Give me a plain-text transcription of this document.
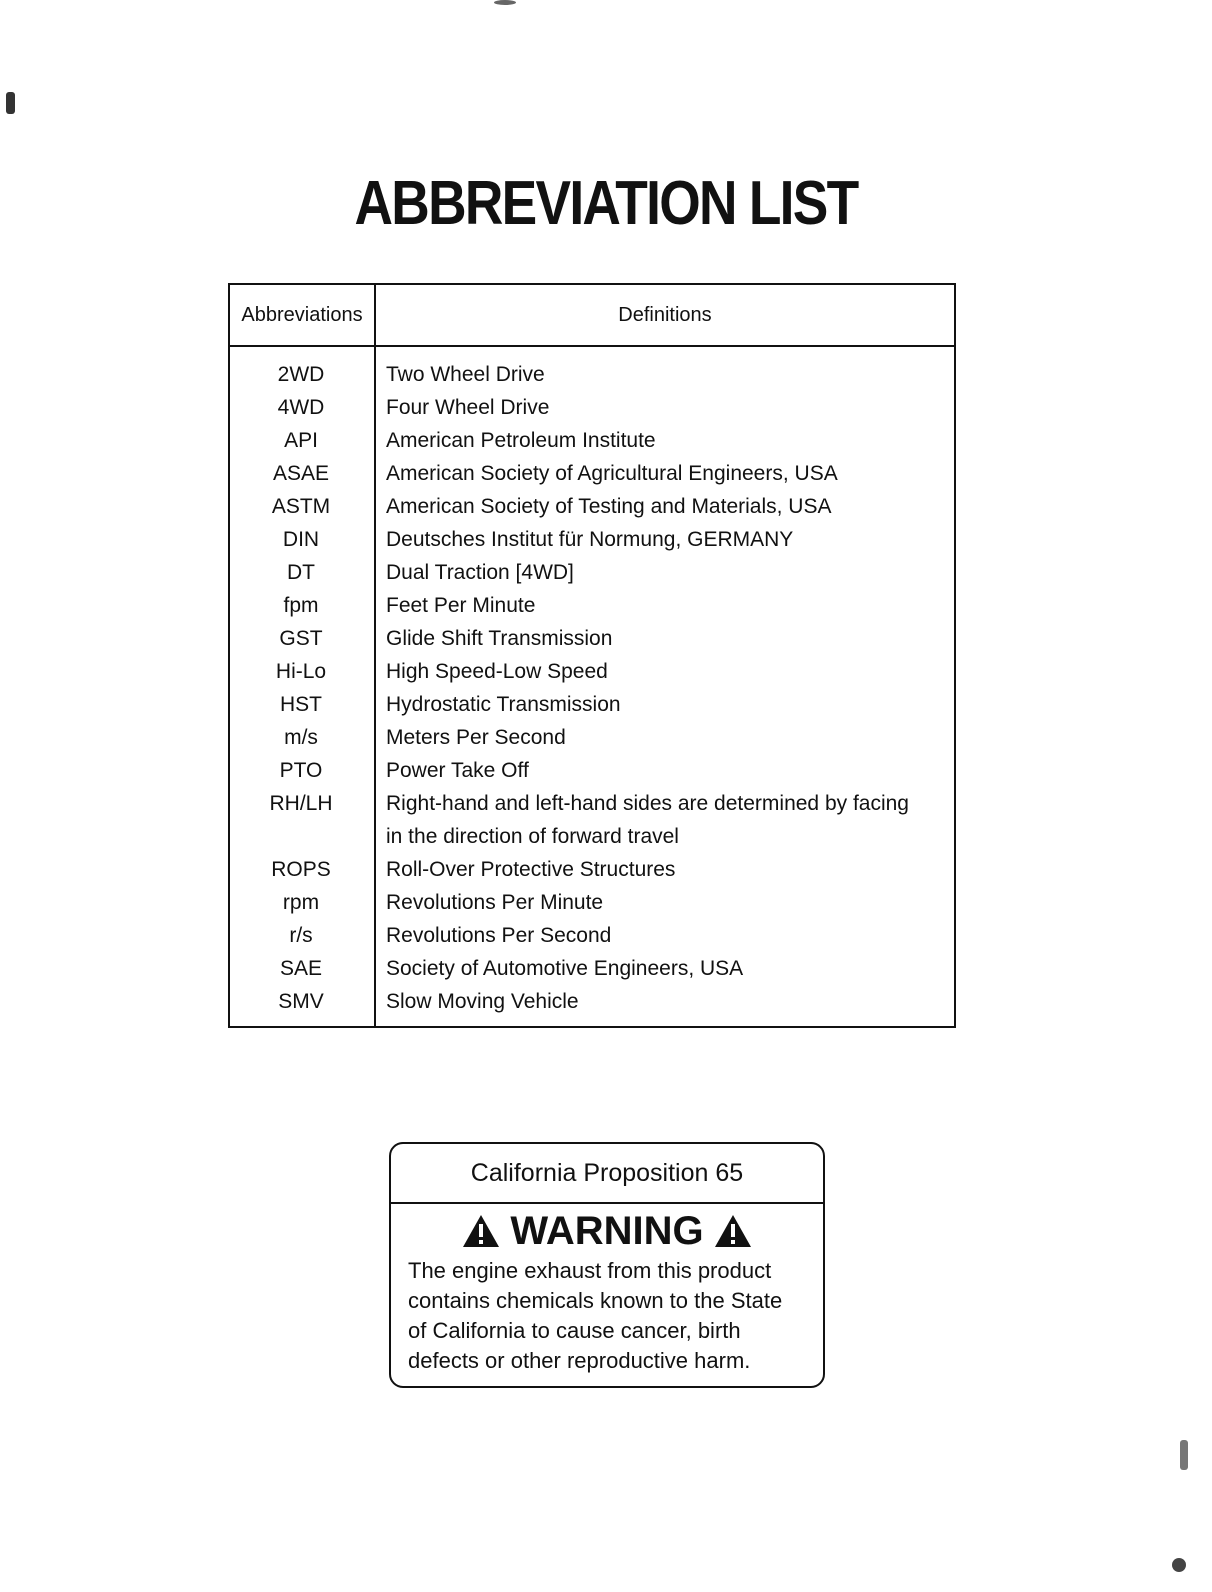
ABBREVIATION LIST
Abbreviations	Definitions
2WD	Two Wheel Drive
4WD	Four Wheel Drive
API	American Petroleum Institute
ASAE	American Society of Agricultural Engineers, USA
ASTM	American Society of Testing and Materials, USA
DIN	Deutsches Institut für Normung, GERMANY
DT	Dual Traction [4WD]
fpm	Feet Per Minute
GST	Glide Shift Transmission
Hi-Lo	High Speed-Low Speed
HST	Hydrostatic Transmission
m/s	Meters Per Second
PTO	Power Take Off
RH/LH	Right-hand and left-hand sides are determined by facing
in the direction of forward travel
ROPS	Roll-Over Protective Structures
rpm	Revolutions Per Minute
r/s	Revolutions Per Second
SAE	Society of Automotive Engineers, USA
SMV	Slow Moving Vehicle
California Proposition 65
WARNING
The engine exhaust from this product
contains chemicals known to the State
of California to cause cancer, birth
defects or other reproductive harm.
